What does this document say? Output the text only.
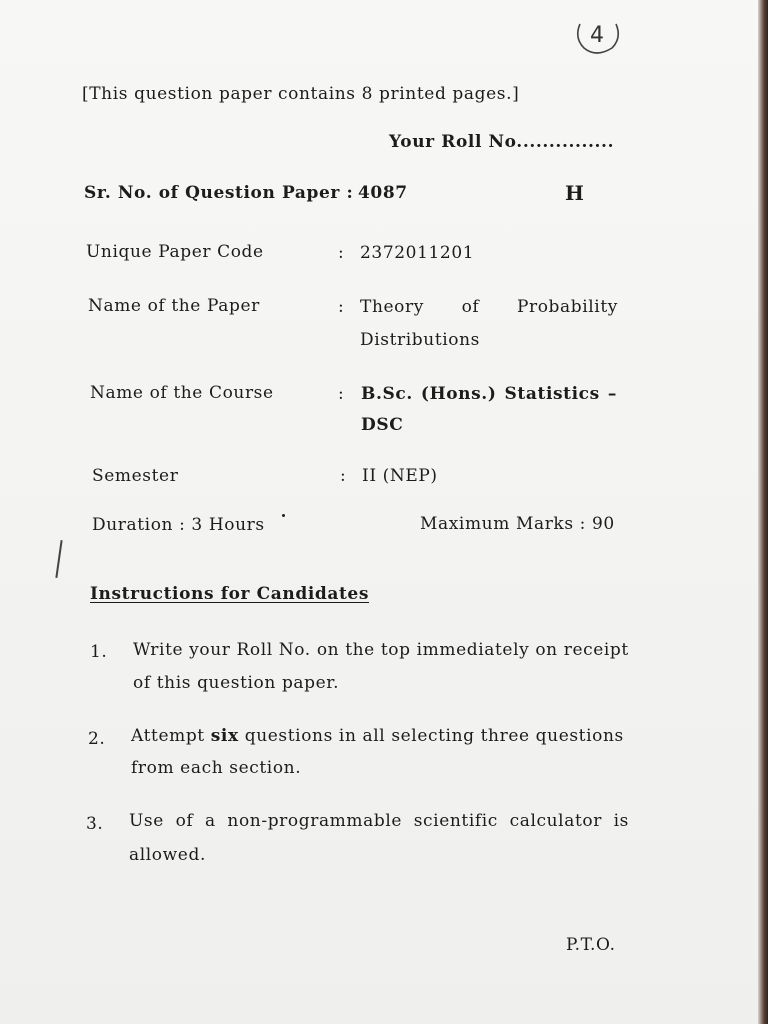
4
[This question paper contains 8 printed pages.]
Your Roll No...............
Sr. No. of Question Paper : 4087	H
Unique Paper Code	: 2372011201
Name of the Paper	: Theory of Probability
Distributions
Name of the Course	: B.Sc. (Hons.) Statistics –
DSC
Semester	: II (NEP)
Duration : 3 Hours	Maximum Marks : 90
Instructions for Candidates
1. Write your Roll No. on the top immediately on receipt
of this question paper.
2. Attempt six questions in all selecting three questions
from each section.
3. Use of a non-programmable scientific calculator is
allowed.
P.T.O.
